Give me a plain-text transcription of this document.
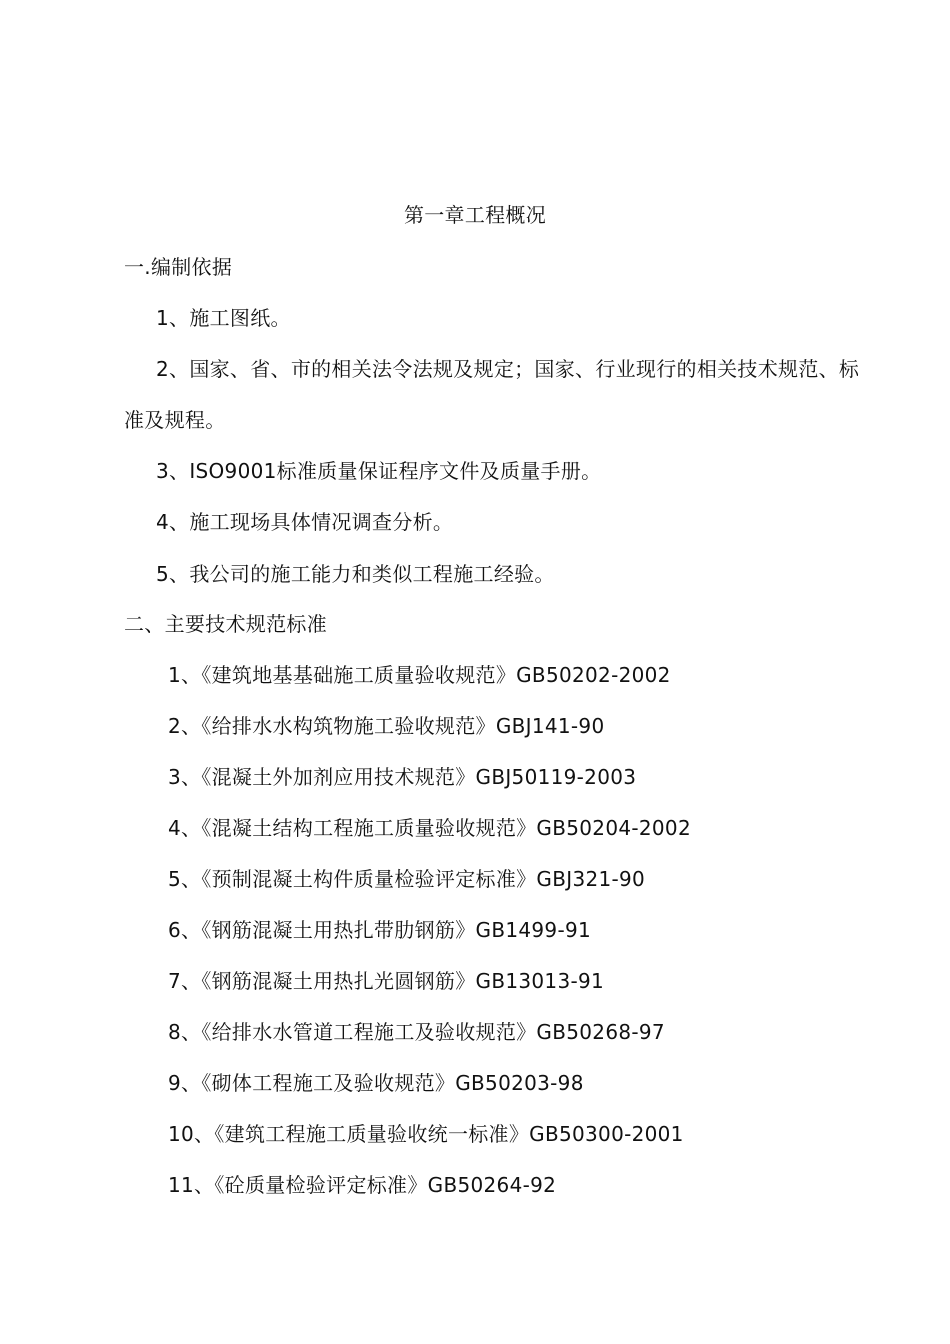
第一章工程概况
一.编制依据
1、施工图纸。
2、国家、省、市的相关法令法规及规定；国家、行业现行的相关技术规范、标
准及规程。
3、ISO9001标准质量保证程序文件及质量手册。
4、施工现场具体情况调查分析。
5、我公司的施工能力和类似工程施工经验。
二、主要技术规范标准
1、《建筑地基基础施工质量验收规范》GB50202-2002
2、《给排水水构筑物施工验收规范》GBJ141-90
3、《混凝土外加剂应用技术规范》GBJ50119-2003
4、《混凝土结构工程施工质量验收规范》GB50204-2002
5、《预制混凝土构件质量检验评定标准》GBJ321-90
6、《钢筋混凝土用热扎带肋钢筋》GB1499-91
7、《钢筋混凝土用热扎光圆钢筋》GB13013-91
8、《给排水水管道工程施工及验收规范》GB50268-97
9、《砌体工程施工及验收规范》GB50203-98
10、《建筑工程施工质量验收统一标准》GB50300-2001
11、《砼质量检验评定标准》GB50264-92
